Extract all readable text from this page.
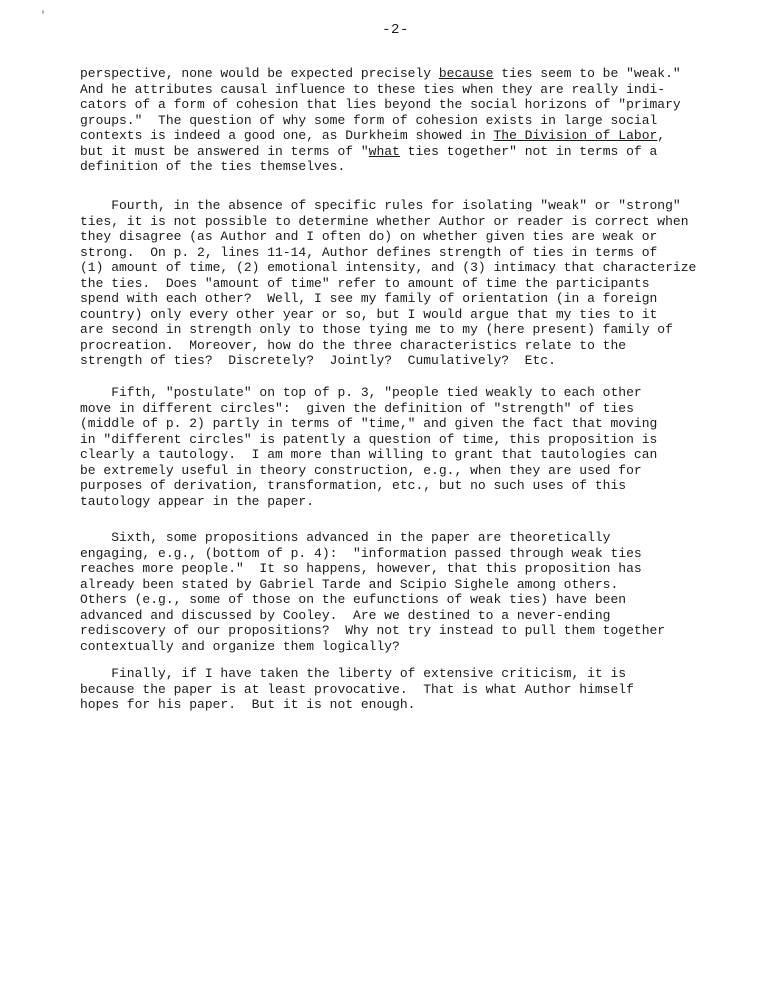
'
-2-
perspective, none would be expected precisely because ties seem to be "weak."
And he attributes causal influence to these ties when they are really indi-
cators of a form of cohesion that lies beyond the social horizons of "primary
groups."  The question of why some form of cohesion exists in large social
contexts is indeed a good one, as Durkheim showed in The Division of Labor,
but it must be answered in terms of "what ties together" not in terms of a
definition of the ties themselves.
Fourth, in the absence of specific rules for isolating "weak" or "strong"
ties, it is not possible to determine whether Author or reader is correct when
they disagree (as Author and I often do) on whether given ties are weak or
strong.  On p. 2, lines 11-14, Author defines strength of ties in terms of
(1) amount of time, (2) emotional intensity, and (3) intimacy that characterize
the ties.  Does "amount of time" refer to amount of time the participants
spend with each other?  Well, I see my family of orientation (in a foreign
country) only every other year or so, but I would argue that my ties to it
are second in strength only to those tying me to my (here present) family of
procreation.  Moreover, how do the three characteristics relate to the
strength of ties?  Discretely?  Jointly?  Cumulatively?  Etc.
Fifth, "postulate" on top of p. 3, "people tied weakly to each other
move in different circles":  given the definition of "strength" of ties
(middle of p. 2) partly in terms of "time," and given the fact that moving
in "different circles" is patently a question of time, this proposition is
clearly a tautology.  I am more than willing to grant that tautologies can
be extremely useful in theory construction, e.g., when they are used for
purposes of derivation, transformation, etc., but no such uses of this
tautology appear in the paper.
Sixth, some propositions advanced in the paper are theoretically
engaging, e.g., (bottom of p. 4):  "information passed through weak ties
reaches more people."  It so happens, however, that this proposition has
already been stated by Gabriel Tarde and Scipio Sighele among others.
Others (e.g., some of those on the eufunctions of weak ties) have been
advanced and discussed by Cooley.  Are we destined to a never-ending
rediscovery of our propositions?  Why not try instead to pull them together
contextually and organize them logically?
Finally, if I have taken the liberty of extensive criticism, it is
because the paper is at least provocative.  That is what Author himself
hopes for his paper.  But it is not enough.
